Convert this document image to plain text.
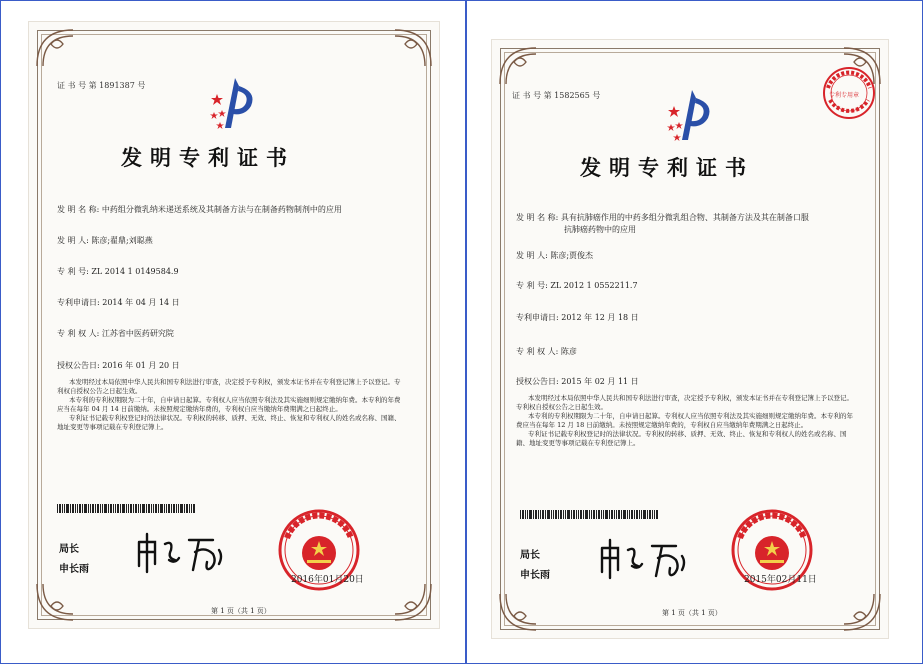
证 书 号 第 1891387 号
发明专利证书
发 明 名 称: 中药组分微乳纳米递送系统及其制备方法与在制备药物制剂中的应用
发 明 人: 陈彦;翟鼎;刘聪燕
专 利 号: ZL 2014 1 0149584.9
专利申请日: 2014 年 04 月 14 日
专 利 权 人: 江苏省中医药研究院
授权公告日: 2016 年 01 月 20 日

本发明经过本局依照中华人民共和国专利法进行审查，决定授予专利权，颁发本证书并在专利登记簿上予以登记。专利权自授权公告之日起生效。

本专利的专利权期限为二十年，自申请日起算。专利权人应当依照专利法及其实施细则规定缴纳年费。本专利的年费应当在每年 04 月 14 日前缴纳。未按照规定缴纳年费的，专利权自应当缴纳年费期满之日起终止。

专利证书记载专利权登记时的法律状况。专利权的转移、质押、无效、终止、恢复和专利权人的姓名或名称、国籍、地址变更等事项记载在专利登记簿上。

局长
申长雨
2016年01月20日
第 1 页（共 1 页）
证 书 号 第 1582565 号	专利专用章
发明专利证书
发 明 名 称: 具有抗肺癌作用的中药多组分微乳组合物、其制备方法及其在制备口服
抗肺癌药物中的应用
发 明 人: 陈彦;贾俊杰
专 利 号: ZL 2012 1 0552211.7
专利申请日: 2012 年 12 月 18 日
专 利 权 人: 陈彦
授权公告日: 2015 年 02 月 11 日

本发明经过本局依照中华人民共和国专利法进行审查，决定授予专利权，颁发本证书并在专利登记簿上予以登记。专利权自授权公告之日起生效。

本专利的专利权期限为二十年，自申请日起算。专利权人应当依照专利法及其实施细则规定缴纳年费。本专利的年费应当在每年 12 月 18 日前缴纳。未按照规定缴纳年费的，专利权自应当缴纳年费期满之日起终止。

专利证书记载专利权登记时的法律状况。专利权的转移、质押、无效、终止、恢复和专利权人的姓名或名称、国籍、地址变更等事项记载在专利登记簿上。

局长
申长雨	2015年02月11日
第 1 页（共 1 页）
